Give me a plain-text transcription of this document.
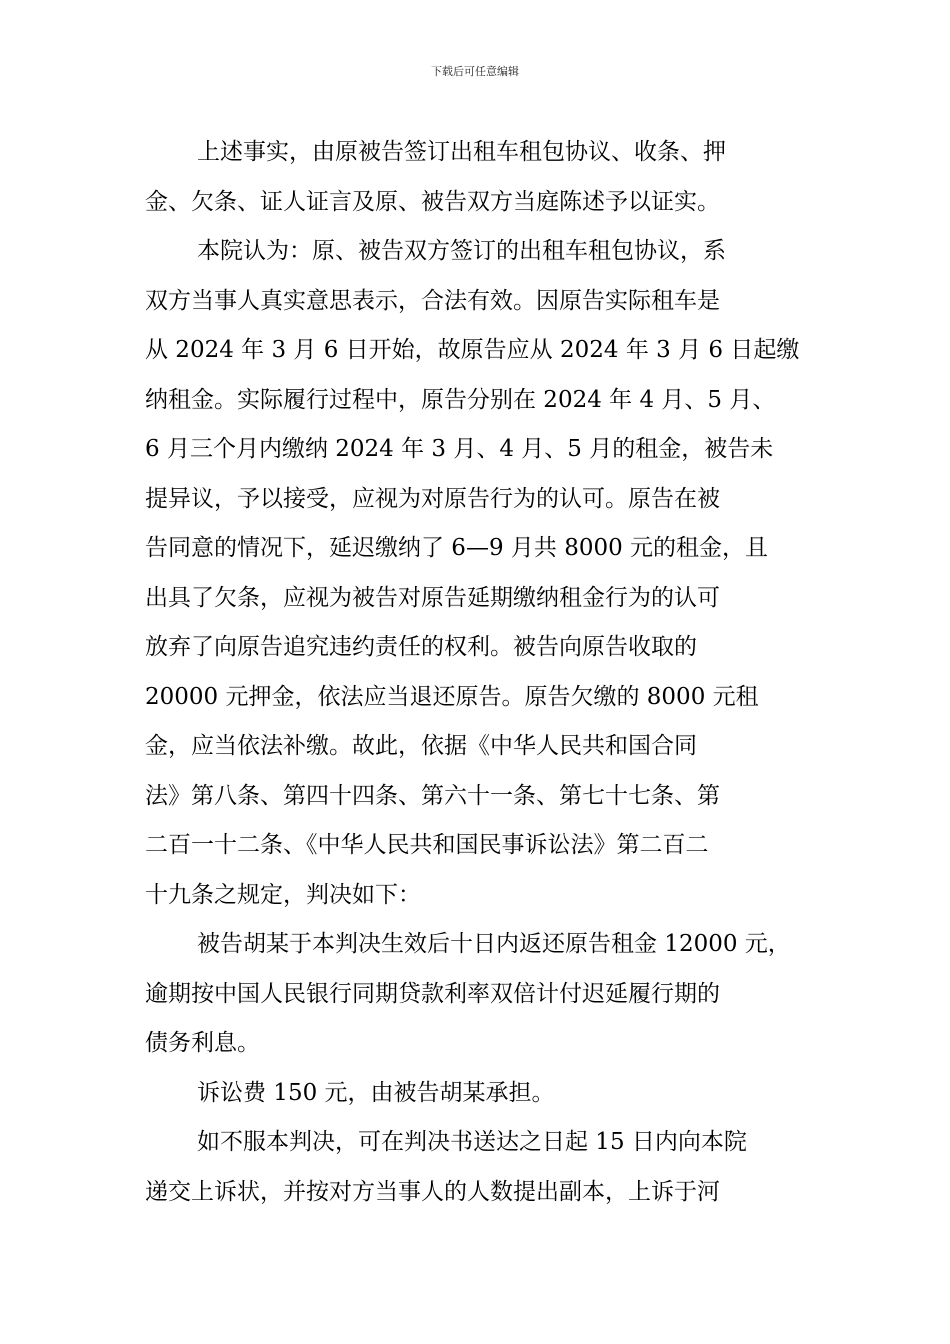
下载后可任意编辑
上述事实，由原被告签订出租车租包协议、收条、押
金、欠条、证人证言及原、被告双方当庭陈述予以证实。
本院认为：原、被告双方签订的出租车租包协议，系
双方当事人真实意思表示，合法有效。因原告实际租车是
从 2024 年 3 月 6 日开始，故原告应从 2024 年 3 月 6 日起缴
纳租金。实际履行过程中，原告分别在 2024 年 4 月、5 月、
6 月三个月内缴纳 2024 年 3 月、4 月、5 月的租金，被告未
提异议，予以接受，应视为对原告行为的认可。原告在被
告同意的情况下，延迟缴纳了 6—9 月共 8000 元的租金，且
出具了欠条，应视为被告对原告延期缴纳租金行为的认可
放弃了向原告追究违约责任的权利。被告向原告收取的
20000 元押金，依法应当退还原告。原告欠缴的 8000 元租
金，应当依法补缴。故此，依据《中华人民共和国合同
法》第八条、第四十四条、第六十一条、第七十七条、第
二百一十二条、《中华人民共和国民事诉讼法》第二百二
十九条之规定，判决如下：
被告胡某于本判决生效后十日内返还原告租金 12000 元，
逾期按中国人民银行同期贷款利率双倍计付迟延履行期的
债务利息。
诉讼费 150 元，由被告胡某承担。
如不服本判决，可在判决书送达之日起 15 日内向本院
递交上诉状，并按对方当事人的人数提出副本，上诉于河
